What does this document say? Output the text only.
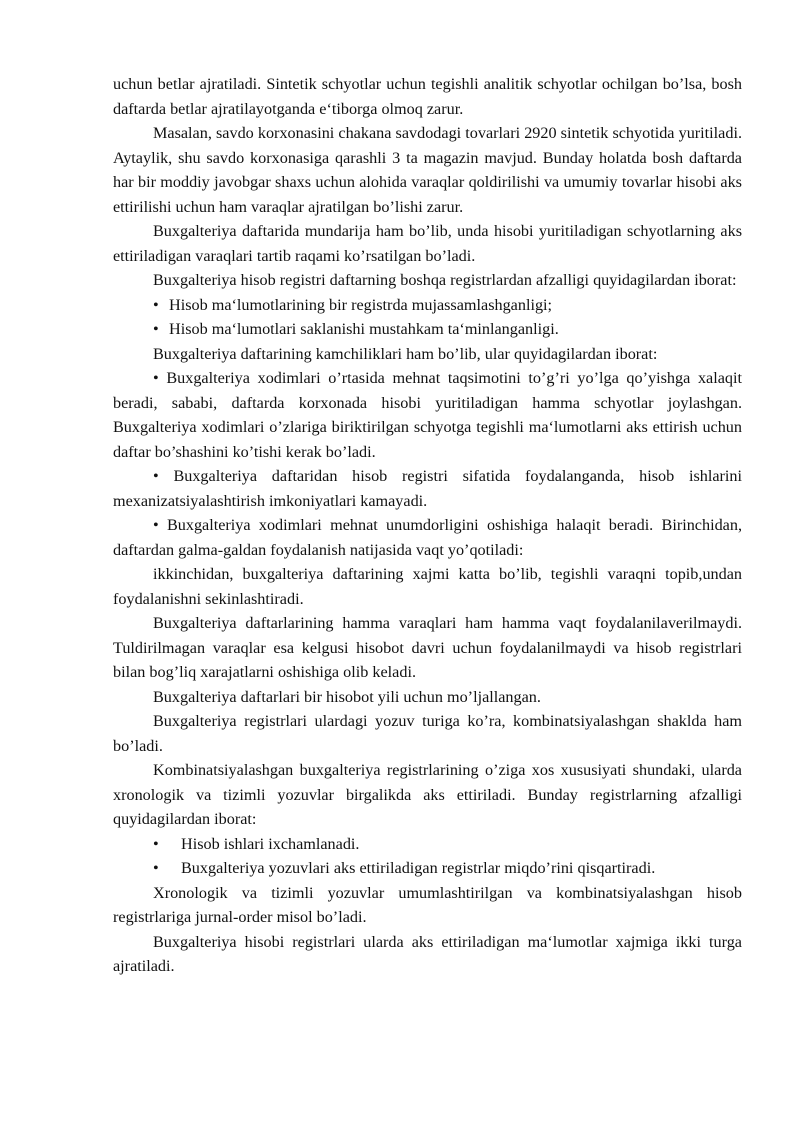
uchun betlar ajratiladi. Sintetik schyotlar uchun tegishli analitik schyotlar ochilgan bo’lsa, bosh daftarda betlar ajratilayotganda e‘tiborga olmoq zarur.

Masalan, savdo korxonasini chakana savdodagi tovarlari 2920 sintetik schyotida yuritiladi. Aytaylik, shu savdo korxonasiga qarashli 3 ta magazin mavjud. Bunday holatda bosh daftarda har bir moddiy javobgar shaxs uchun alohida varaqlar qoldirilishi va umumiy tovarlar hisobi aks ettirilishi uchun ham varaqlar ajratilgan bo’lishi zarur.

Buxgalteriya daftarida mundarija ham bo’lib, unda hisobi yuritiladigan schyotlarning aks ettiriladigan varaqlari tartib raqami ko’rsatilgan bo’ladi.

Buxgalteriya hisob registri daftarning boshqa registrlardan afzalligi quyidagilardan iborat:

• Hisob ma‘lumotlarining bir registrda mujassamlashganligi;
• Hisob ma‘lumotlari saklanishi mustahkam ta‘minlanganligi.

Buxgalteriya daftarining kamchiliklari ham bo’lib, ular quyidagilardan iborat:

• Buxgalteriya xodimlari o’rtasida mehnat taqsimotini to’g’ri yo’lga qo’yishga xalaqit beradi, sababi, daftarda korxonada hisobi yuritiladigan hamma schyotlar joylashgan. Buxgalteriya xodimlari o’zlariga biriktirilgan schyotga tegishli ma‘lumotlarni aks ettirish uchun daftar bo’shashini ko’tishi kerak bo’ladi.

• Buxgalteriya daftaridan hisob registri sifatida foydalanganda, hisob ishlarini mexanizatsiyalashtirish imkoniyatlari kamayadi.

• Buxgalteriya xodimlari mehnat unumdorligini oshishiga halaqit beradi. Birinchidan, daftardan galma-galdan foydalanish natijasida vaqt yo’qotiladi:

ikkinchidan, buxgalteriya daftarining xajmi katta bo’lib, tegishli varaqni topib,undan foydalanishni sekinlashtiradi.

Buxgalteriya daftarlarining hamma varaqlari ham hamma vaqt foydalanilaverilmaydi. Tuldirilmagan varaqlar esa kelgusi hisobot davri uchun foydalanilmaydi va hisob registrlari bilan bog’liq xarajatlarni oshishiga olib keladi.

Buxgalteriya daftarlari bir hisobot yili uchun mo’ljallangan.

Buxgalteriya registrlari ulardagi yozuv turiga ko’ra, kombinatsiyalashgan shaklda ham bo’ladi.

Kombinatsiyalashgan buxgalteriya registrlarining o’ziga xos xususiyati shundaki, ularda xronologik va tizimli yozuvlar birgalikda aks ettiriladi. Bunday registrlarning afzalligi quyidagilardan iborat:

•	Hisob ishlari ixchamlanadi.
•	Buxgalteriya yozuvlari aks ettiriladigan registrlar miqdo’rini qisqartiradi.

Xronologik va tizimli yozuvlar umumlashtirilgan va kombinatsiyalashgan hisob registrlariga jurnal-order misol bo’ladi.

Buxgalteriya hisobi registrlari ularda aks ettiriladigan ma‘lumotlar xajmiga ikki turga ajratiladi.
